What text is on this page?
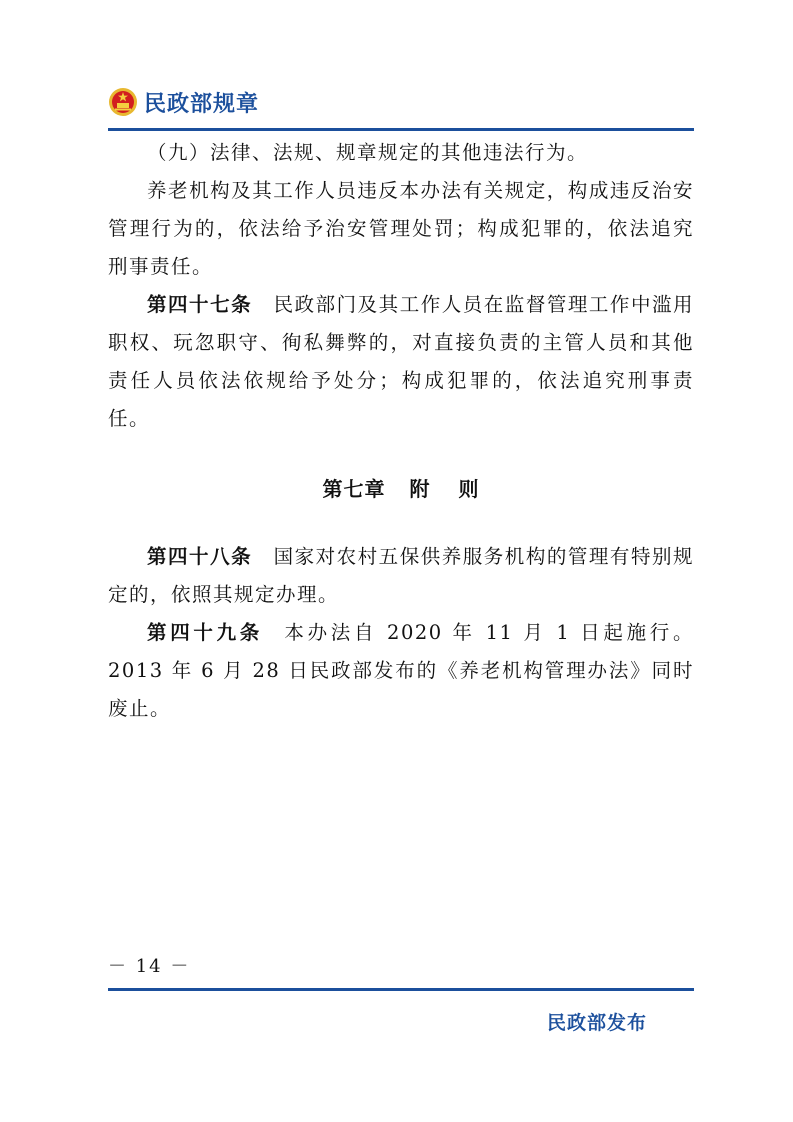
民政部规章

（九）法律、法规、规章规定的其他违法行为。

养老机构及其工作人员违反本办法有关规定，构成违反治安管理行为的，依法给予治安管理处罚；构成犯罪的，依法追究刑事责任。

第四十七条 民政部门及其工作人员在监督管理工作中滥用职权、玩忽职守、徇私舞弊的，对直接负责的主管人员和其他责任人员依法依规给予处分；构成犯罪的，依法追究刑事责任。

第七章 附 则

第四十八条 国家对农村五保供养服务机构的管理有特别规定的，依照其规定办理。

第四十九条 本办法自 2020 年 11 月 1 日起施行。2013 年 6 月 28 日民政部发布的《养老机构管理办法》同时废止。

－ 14 －
民政部发布
